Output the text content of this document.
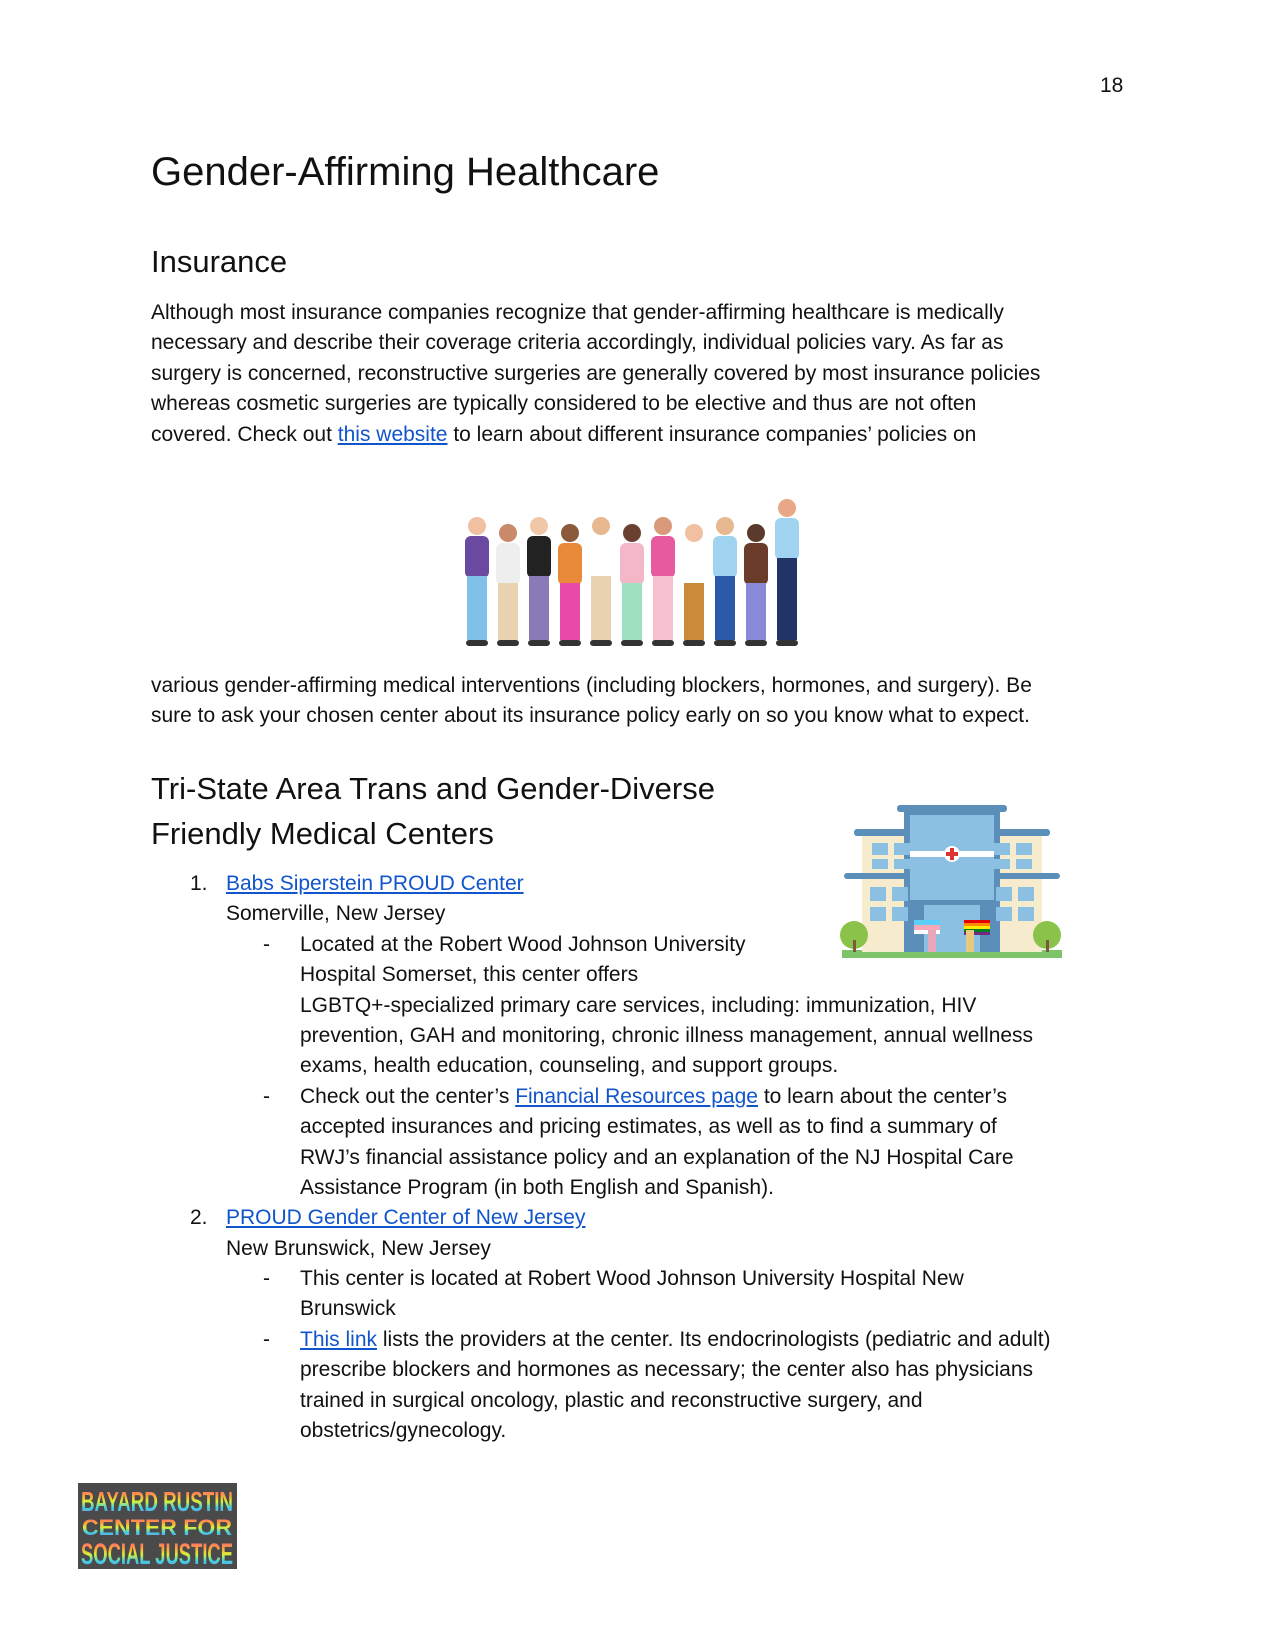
18
Gender-Affirming Healthcare
Insurance
Although most insurance companies recognize that gender-affirming healthcare is medically
necessary and describe their coverage criteria accordingly, individual policies vary. As far as
surgery is concerned, reconstructive surgeries are generally covered by most insurance policies
whereas cosmetic surgeries are typically considered to be elective and thus are not often
covered. Check out this website to learn about different insurance companies’ policies on
various gender-affirming medical interventions (including blockers, hormones, and surgery). Be
sure to ask your chosen center about its insurance policy early on so you know what to expect.
Tri-State Area Trans and Gender-Diverse
Friendly Medical Centers
1. Babs Siperstein PROUD Center
Somerville, New Jersey
- Located at the Robert Wood Johnson University
Hospital Somerset, this center offers
LGBTQ+-specialized primary care services, including: immunization, HIV
prevention, GAH and monitoring, chronic illness management, annual wellness
exams, health education, counseling, and support groups.
- Check out the center’s Financial Resources page to learn about the center’s
accepted insurances and pricing estimates, as well as to find a summary of
RWJ’s financial assistance policy and an explanation of the NJ Hospital Care
Assistance Program (in both English and Spanish).
2. PROUD Gender Center of New Jersey
New Brunswick, New Jersey
- This center is located at Robert Wood Johnson University Hospital New
Brunswick
- This link lists the providers at the center. Its endocrinologists (pediatric and adult)
prescribe blockers and hormones as necessary; the center also has physicians
trained in surgical oncology, plastic and reconstructive surgery, and
obstetrics/gynecology.
BAYARD RUSTIN
CENTER FOR
SOCIAL JUSTICE
